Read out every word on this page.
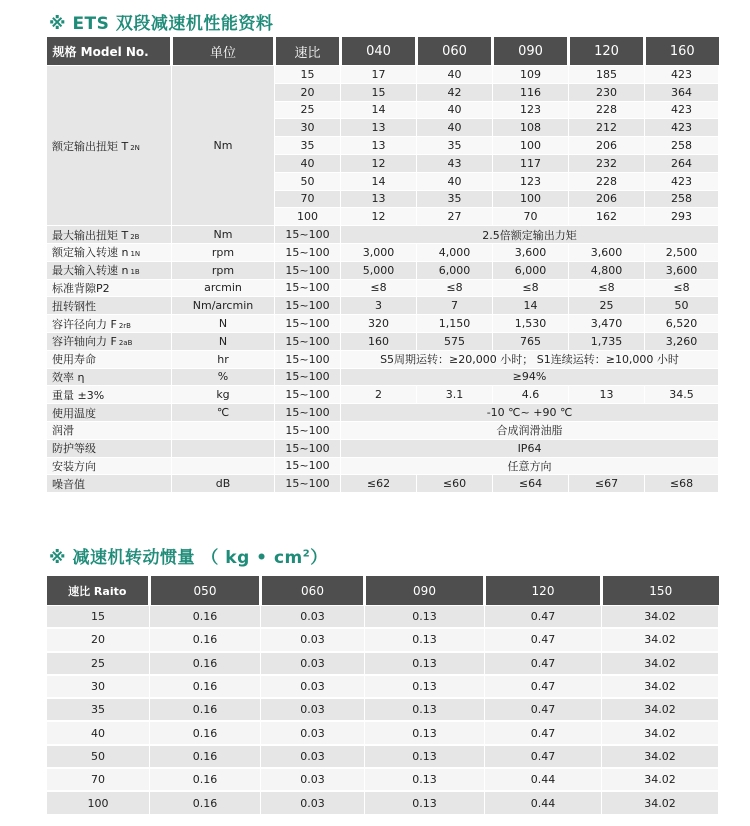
※ ETS 双段减速机性能资料
规格 Model No.	单位	速比	040	060	090	120	160
额定输出扭矩 T 2N	Nm	15	17	40	109	185	423
		20	15	42	116	230	364
		25	14	40	123	228	423
		30	13	40	108	212	423
		35	13	35	100	206	258
		40	12	43	117	232	264
		50	14	40	123	228	423
		70	13	35	100	206	258
		100	12	27	70	162	293
最大输出扭矩 T 2B	Nm	15~100	2.5倍额定输出力矩				
额定输入转速 n 1N	rpm	15~100	3,000	4,000	3,600	3,600	2,500
最大输入转速 n 1B	rpm	15~100	5,000	6,000	6,000	4,800	3,600
标准背隙P2	arcmin	15~100	≤8	≤8	≤8	≤8	≤8
扭转钢性	Nm/arcmin	15~100	3	7	14	25	50
容许径向力 F 2rB	N	15~100	320	1,150	1,530	3,470	6,520
容许轴向力 F 2aB	N	15~100	160	575	765	1,735	3,260
使用寿命	hr	15~100	S5周期运转：≥20,000 小时； S1连续运转：≥10,000 小时				
效率 η	%	15~100	≥94%				
重量 ±3%	kg	15~100	2	3.1	4.6	13	34.5
使用温度	℃	15~100	-10 ℃~ +90 ℃				
润滑		15~100	合成润滑油脂				
防护等级		15~100	IP64				
安装方向		15~100	任意方向				
噪音值	dB	15~100	≤62	≤60	≤64	≤67	≤68
※ 减速机转动惯量 （ kg • $cm^2$）
速比 Raito	050	060	090	120	150
15	0.16	0.03	0.13	0.47	34.02
20	0.16	0.03	0.13	0.47	34.02
25	0.16	0.03	0.13	0.47	34.02
30	0.16	0.03	0.13	0.47	34.02
35	0.16	0.03	0.13	0.47	34.02
40	0.16	0.03	0.13	0.47	34.02
50	0.16	0.03	0.13	0.47	34.02
70	0.16	0.03	0.13	0.44	34.02
100	0.16	0.03	0.13	0.44	34.02
